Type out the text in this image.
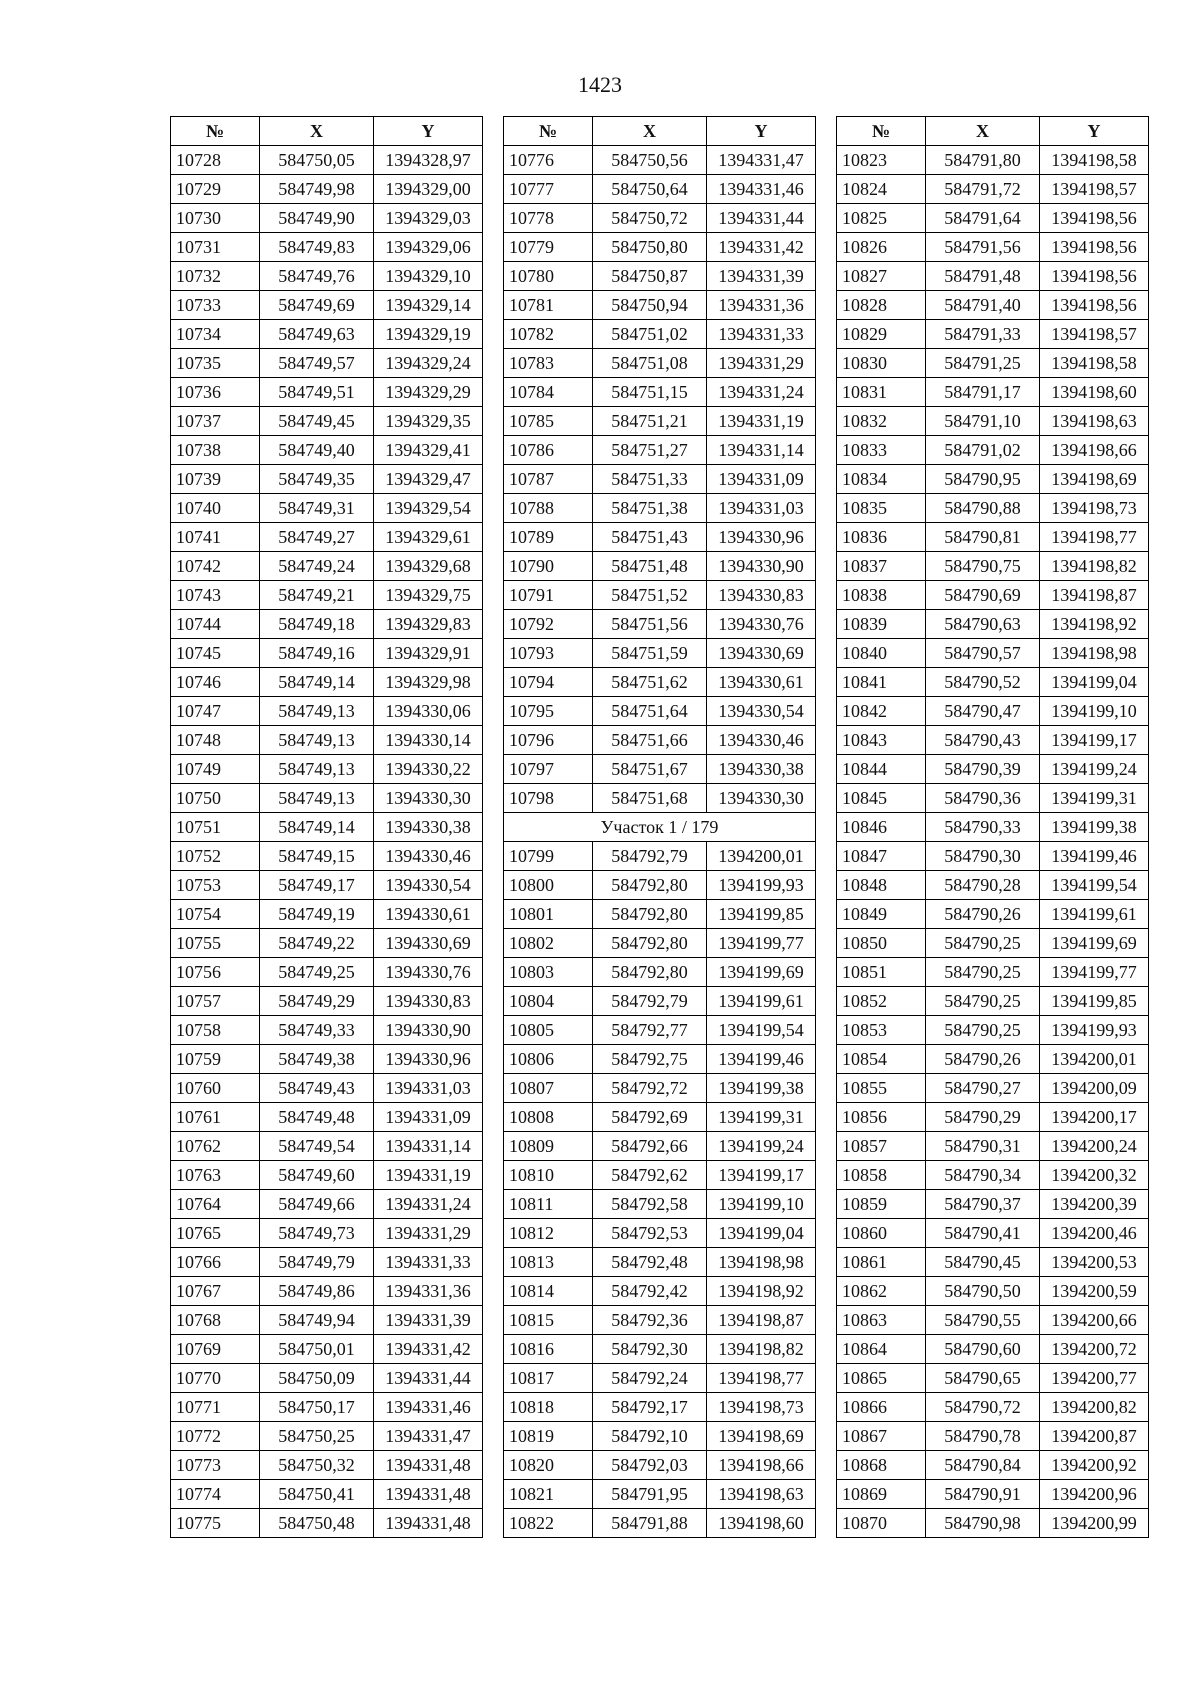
1423
№	X	Y
10728	584750,05	1394328,97
10729	584749,98	1394329,00
10730	584749,90	1394329,03
10731	584749,83	1394329,06
10732	584749,76	1394329,10
10733	584749,69	1394329,14
10734	584749,63	1394329,19
10735	584749,57	1394329,24
10736	584749,51	1394329,29
10737	584749,45	1394329,35
10738	584749,40	1394329,41
10739	584749,35	1394329,47
10740	584749,31	1394329,54
10741	584749,27	1394329,61
10742	584749,24	1394329,68
10743	584749,21	1394329,75
10744	584749,18	1394329,83
10745	584749,16	1394329,91
10746	584749,14	1394329,98
10747	584749,13	1394330,06
10748	584749,13	1394330,14
10749	584749,13	1394330,22
10750	584749,13	1394330,30
10751	584749,14	1394330,38
10752	584749,15	1394330,46
10753	584749,17	1394330,54
10754	584749,19	1394330,61
10755	584749,22	1394330,69
10756	584749,25	1394330,76
10757	584749,29	1394330,83
10758	584749,33	1394330,90
10759	584749,38	1394330,96
10760	584749,43	1394331,03
10761	584749,48	1394331,09
10762	584749,54	1394331,14
10763	584749,60	1394331,19
10764	584749,66	1394331,24
10765	584749,73	1394331,29
10766	584749,79	1394331,33
10767	584749,86	1394331,36
10768	584749,94	1394331,39
10769	584750,01	1394331,42
10770	584750,09	1394331,44
10771	584750,17	1394331,46
10772	584750,25	1394331,47
10773	584750,32	1394331,48
10774	584750,41	1394331,48
10775	584750,48	1394331,48
№	X	Y
10776	584750,56	1394331,47
10777	584750,64	1394331,46
10778	584750,72	1394331,44
10779	584750,80	1394331,42
10780	584750,87	1394331,39
10781	584750,94	1394331,36
10782	584751,02	1394331,33
10783	584751,08	1394331,29
10784	584751,15	1394331,24
10785	584751,21	1394331,19
10786	584751,27	1394331,14
10787	584751,33	1394331,09
10788	584751,38	1394331,03
10789	584751,43	1394330,96
10790	584751,48	1394330,90
10791	584751,52	1394330,83
10792	584751,56	1394330,76
10793	584751,59	1394330,69
10794	584751,62	1394330,61
10795	584751,64	1394330,54
10796	584751,66	1394330,46
10797	584751,67	1394330,38
10798	584751,68	1394330,30
Участок 1 / 179		
10799	584792,79	1394200,01
10800	584792,80	1394199,93
10801	584792,80	1394199,85
10802	584792,80	1394199,77
10803	584792,80	1394199,69
10804	584792,79	1394199,61
10805	584792,77	1394199,54
10806	584792,75	1394199,46
10807	584792,72	1394199,38
10808	584792,69	1394199,31
10809	584792,66	1394199,24
10810	584792,62	1394199,17
10811	584792,58	1394199,10
10812	584792,53	1394199,04
10813	584792,48	1394198,98
10814	584792,42	1394198,92
10815	584792,36	1394198,87
10816	584792,30	1394198,82
10817	584792,24	1394198,77
10818	584792,17	1394198,73
10819	584792,10	1394198,69
10820	584792,03	1394198,66
10821	584791,95	1394198,63
10822	584791,88	1394198,60
№	X	Y
10823	584791,80	1394198,58
10824	584791,72	1394198,57
10825	584791,64	1394198,56
10826	584791,56	1394198,56
10827	584791,48	1394198,56
10828	584791,40	1394198,56
10829	584791,33	1394198,57
10830	584791,25	1394198,58
10831	584791,17	1394198,60
10832	584791,10	1394198,63
10833	584791,02	1394198,66
10834	584790,95	1394198,69
10835	584790,88	1394198,73
10836	584790,81	1394198,77
10837	584790,75	1394198,82
10838	584790,69	1394198,87
10839	584790,63	1394198,92
10840	584790,57	1394198,98
10841	584790,52	1394199,04
10842	584790,47	1394199,10
10843	584790,43	1394199,17
10844	584790,39	1394199,24
10845	584790,36	1394199,31
10846	584790,33	1394199,38
10847	584790,30	1394199,46
10848	584790,28	1394199,54
10849	584790,26	1394199,61
10850	584790,25	1394199,69
10851	584790,25	1394199,77
10852	584790,25	1394199,85
10853	584790,25	1394199,93
10854	584790,26	1394200,01
10855	584790,27	1394200,09
10856	584790,29	1394200,17
10857	584790,31	1394200,24
10858	584790,34	1394200,32
10859	584790,37	1394200,39
10860	584790,41	1394200,46
10861	584790,45	1394200,53
10862	584790,50	1394200,59
10863	584790,55	1394200,66
10864	584790,60	1394200,72
10865	584790,65	1394200,77
10866	584790,72	1394200,82
10867	584790,78	1394200,87
10868	584790,84	1394200,92
10869	584790,91	1394200,96
10870	584790,98	1394200,99
